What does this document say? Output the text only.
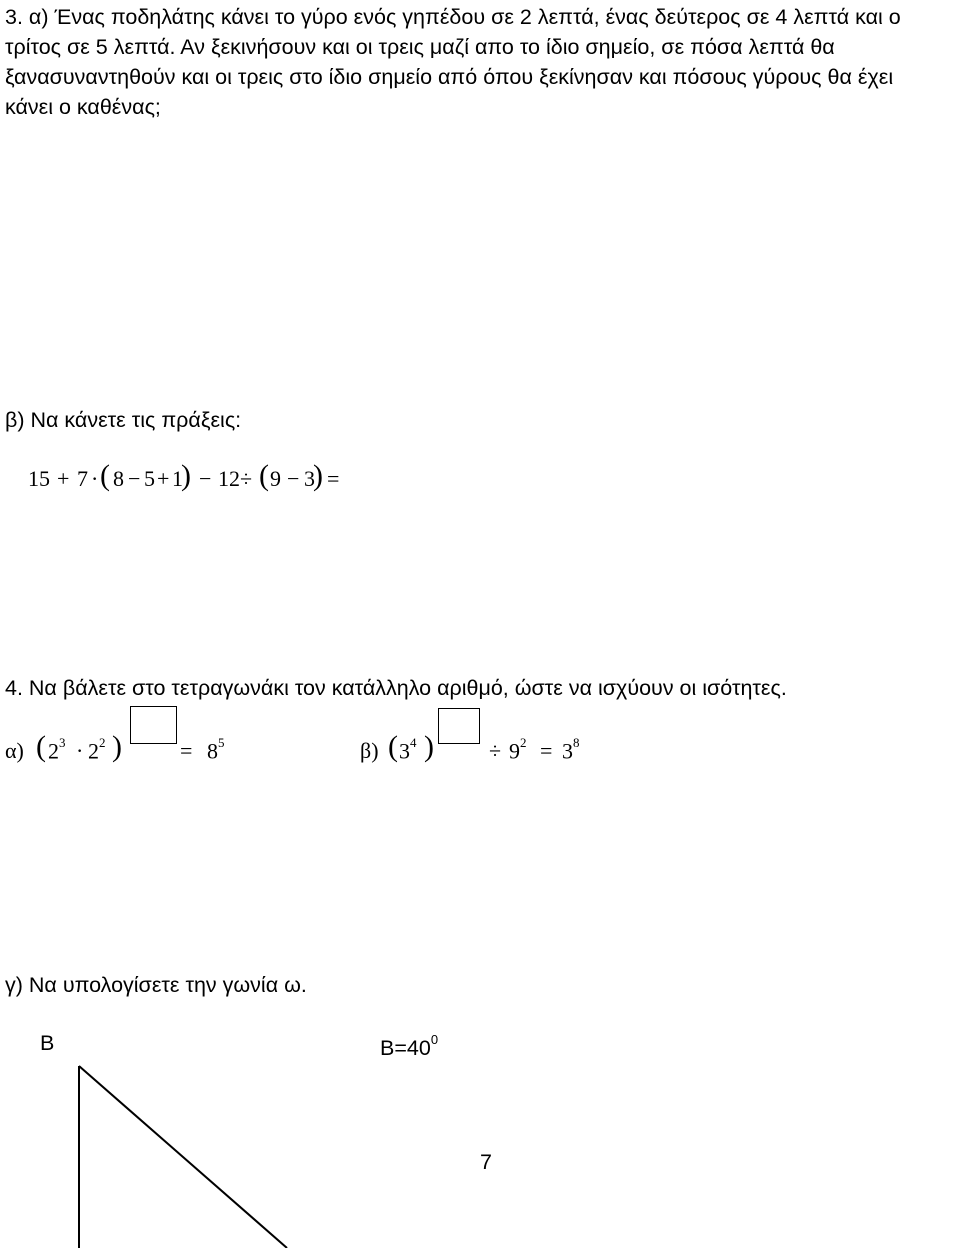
3. α) Ένας ποδηλάτης κάνει το γύρο ενός γηπέδου σε 2 λεπτά, ένας δεύτερος σε 4 λεπτά και ο
τρίτος σε 5 λεπτά. Αν ξεκινήσουν και οι τρεις μαζί απο το ίδιο σημείο, σε πόσα λεπτά θα
ξανασυναντηθούν και οι τρεις στο ίδιο σημείο από όπου ξεκίνησαν και πόσους γύρους θα έχει
κάνει ο καθένας;
β) Να κάνετε τις πράξεις:
15 + 7 · ( 8 − 5 + 1
) − 12 ÷ ( 9 − 3
) =
4. Να βάλετε στο τετραγωνάκι τον κατάλληλο αριθμό, ώστε να ισχύουν οι ισότητες.
α) ( $2^3 \cdot 2^2$ )	= $8^5$	β) ( $3^4$ )	÷ $9^2 = 3^8$
γ) Να υπολογίσετε την γωνία ω.
Β	$B=40^0$
7
